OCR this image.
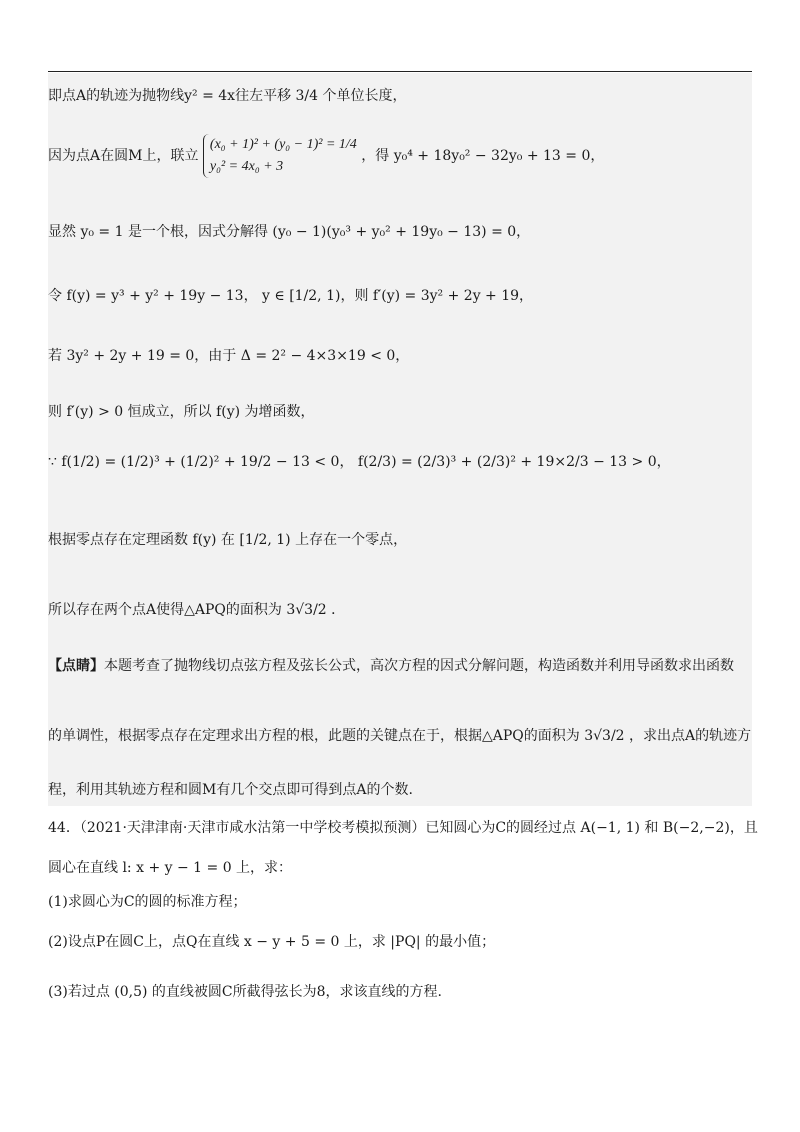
即点A的轨迹为抛物线y² = 4x往左平移 3/4 个单位长度，
因为点A在圆M上，联立
(x₀ + 1)² + (y₀ − 1)² = 1/4
y₀² = 4x₀ + 3
，得 y₀⁴ + 18y₀² − 32y₀ + 13 = 0，
显然 y₀ = 1 是一个根，因式分解得 (y₀ − 1)(y₀³ + y₀² + 19y₀ − 13) = 0，
令 f(y) = y³ + y² + 19y − 13， y ∈ [1/2, 1)，则 f′(y) = 3y² + 2y + 19，
若 3y² + 2y + 19 = 0，由于 Δ = 2² − 4×3×19 < 0，
则 f′(y) > 0 恒成立，所以 f(y) 为增函数，
∵ f(1/2) = (1/2)³ + (1/2)² + 19/2 − 13 < 0， f(2/3) = (2/3)³ + (2/3)² + 19×2/3 − 13 > 0，
根据零点存在定理函数 f(y) 在 [1/2, 1) 上存在一个零点，
所以存在两个点A使得△APQ的面积为 3√3/2 ．
【点睛】本题考查了抛物线切点弦方程及弦长公式，高次方程的因式分解问题，构造函数并利用导函数求出函数
的单调性，根据零点存在定理求出方程的根，此题的关键点在于，根据△APQ的面积为 3√3/2 ，求出点A的轨迹方
程，利用其轨迹方程和圆M有几个交点即可得到点A的个数.
44．（2021·天津津南·天津市咸水沽第一中学校考模拟预测）已知圆心为C的圆经过点 A(−1, 1) 和 B(−2,−2)，且
圆心在直线 l: x + y − 1 = 0 上，求：
(1)求圆心为C的圆的标准方程；
(2)设点P在圆C上，点Q在直线 x − y + 5 = 0 上，求 |PQ| 的最小值；
(3)若过点 (0,5) 的直线被圆C所截得弦长为8，求该直线的方程.
